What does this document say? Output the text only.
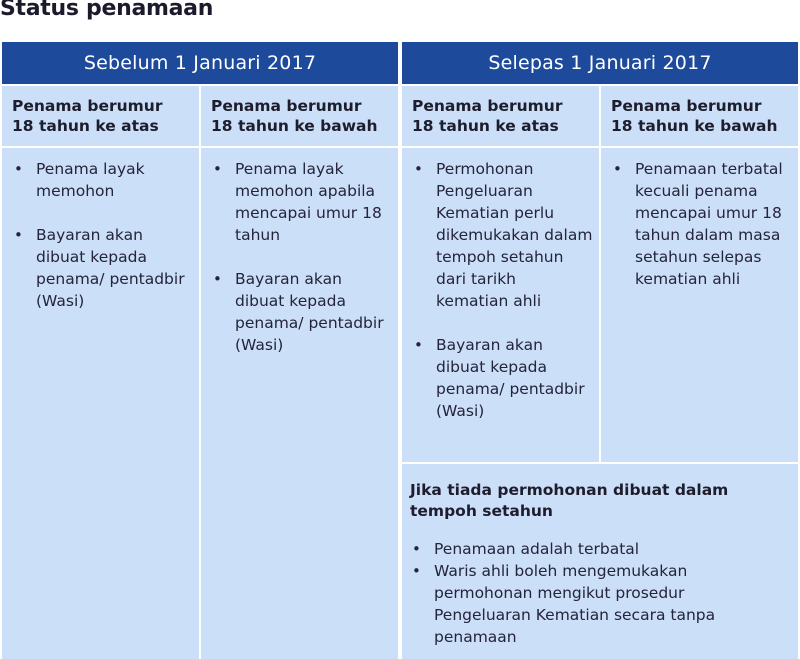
Status penamaan
Sebelum 1 Januari 2017	Selepas 1 Januari 2017
Penama berumur 18 tahun ke atas
Penama berumur 18 tahun ke bawah
Penama berumur 18 tahun ke atas
Penama berumur 18 tahun ke bawah
• Penama layak memohon
• Bayaran akan dibuat kepada penama/ pentadbir (Wasi)
• Penama layak memohon apabila mencapai umur 18 tahun
• Bayaran akan dibuat kepada penama/ pentadbir (Wasi)
• Permohonan Pengeluaran Kematian perlu dikemukakan dalam tempoh setahun dari tarikh kematian ahli
• Bayaran akan dibuat kepada penama/ pentadbir (Wasi)
• Penamaan terbatal kecuali penama mencapai umur 18 tahun dalam masa setahun selepas kematian ahli
Jika tiada permohonan dibuat dalam tempoh setahun
• Penamaan adalah terbatal
• Waris ahli boleh mengemukakan permohonan mengikut prosedur Pengeluaran Kematian secara tanpa penamaan
